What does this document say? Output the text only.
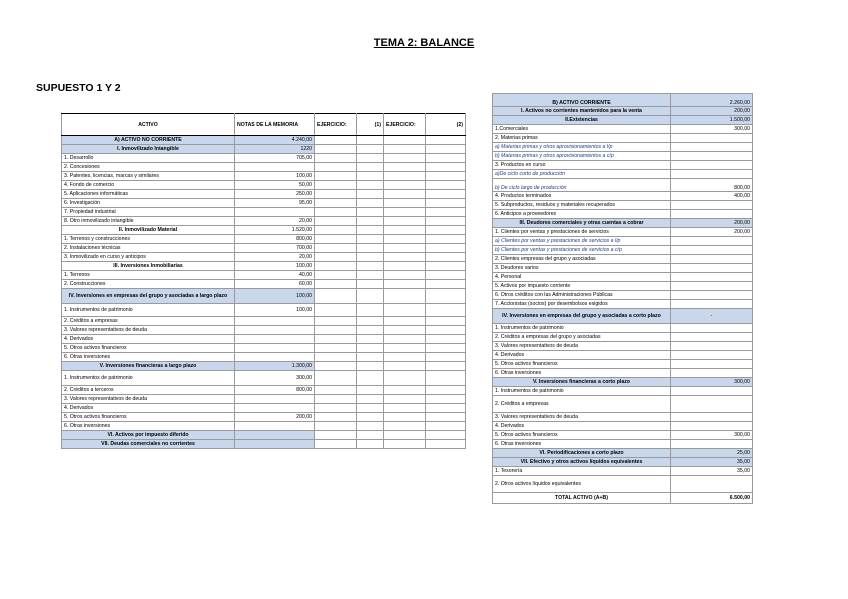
TEMA 2: BALANCE
SUPUESTO 1 Y 2
ACTIVO	NOTAS DE LA MEMORIA	EJERCICIO:	(1)	EJERCICIO:	(2)
A) ACTIVO NO CORRIENTE	4.240,00				
I. Inmovilizado Intangible	1220				
1. Desarrollo	705,00				
2. Concesiones					
3. Patentes, licencias, marcas y similares	100,00				
4. Fondo de comercio	50,00				
5. Aplicaciones informáticas	250,00				
6. Investigación	95,00				
7. Propiedad industrial					
8. Otro inmovilizado intangible	20,00				
II. Inmovilizado Material	1.520,00				
1. Terrenos y construcciones	800,00				
2. Instalaciones técnicas	700,00				
3. Inmovilizado en curso y anticipos	20,00				
III. Inversiones Inmobiliarias	100,00				
1. Terrenos	40,00				
2. Construcciones	60,00				
IV. Inversiones en empresas del grupo y asociadas a largo plazo	100,00				
1. Instrumentos de patrimonio	100,00				
2. Créditos a empresas					
3. Valores representativos de deuda					
4. Derivados					
5. Otros activos financieros					
6. Otras inversiones					
V. Inversiones financieras a largo plazo	1.300,00				
1. Instrumentos de patrimonio	300,00				
2. Créditos a terceros	800,00				
3. Valores representativos de deuda					
4. Derivados					
5. Otros activos financieros	200,00				
6. Otras inversiones					
VI. Activos por impuesto diferido					
VII. Deudas comerciales no corrientes					
B) ACTIVO CORRIENTE	2.260,00
I. Activos no corrientes mantenidos para la venta	200,00
II.Existencias	1.500,00
1.Comerciales	300,00
2. Materias primas	
a) Materias primas y otros aprovisionamientos a l/p	
b) Materias primas y otros aprovisionamientos a c/p	
3. Productos en curso	
a)De ciclo corto de producción	
b) De ciclo largo de producción	800,00
4. Productos terminados	400,00
5. Subproductos, residuos y materiales recuperados	
6. Anticipos a proveedores	
III. Deudores comerciales y otras cuentas a cobrar	200,00
1. Clientes por ventas y prestaciones de servicios	200,00
a) Clientes por ventas y prestaciones de servicios a l/p	
b) Clientes por ventas y prestaciones de servicios a c/p	
2. Clientes empresas del grupo y asociadas	
3. Deudores varios	
4. Personal	
5. Activos por impuesto corriente	
6. Otros créditos con las Administraciones Públicas	
7. Accionistas (socios) por desembolsos exigidos	
IV. Inversiones en empresas del grupo y asociadas a corto plazo	-
1. Instrumentos de patrimonio	
2. Créditos a empresas del grupo y asociadas	
3. Valores representativos de deuda	
4. Derivados	
5. Otros activos financieros	
6. Otras inversiones	
V. Inversiones financieras a corto plazo	300,00
1. Instrumentos de patrimonio	
2. Créditos a empresas	
3. Valores representativos de deuda	
4. Derivados	
5. Otros activos financieros	300,00
6. Otras inversiones	
VI. Periodificaciones a corto plazo	25,00
VII. Efectivo y otros activos líquidos equivalentes	35,00
1. Tesorería	35,00
2. Otros activos líquidos equivalentes	
TOTAL ACTIVO (A+B)	6.500,00
